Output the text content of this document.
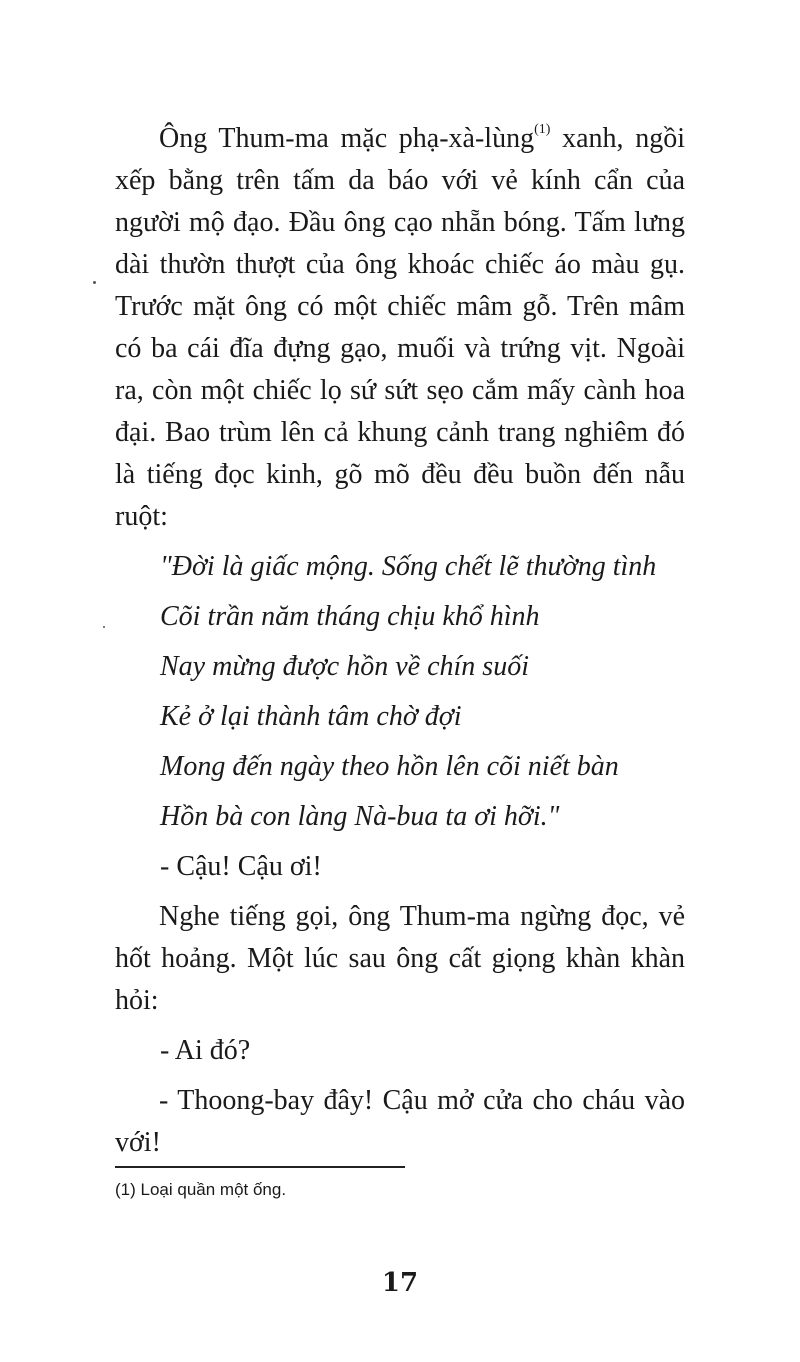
Ông Thum-ma mặc phạ-xà-lùng$^{(1)}$ xanh, ngồi xếp bằng trên tấm da báo với vẻ kính cẩn của người mộ đạo. Đầu ông cạo nhẵn bóng. Tấm lưng dài thườn thượt của ông khoác chiếc áo màu gụ. Trước mặt ông có một chiếc mâm gỗ. Trên mâm có ba cái đĩa đựng gạo, muối và trứng vịt. Ngoài ra, còn một chiếc lọ sứ sứt sẹo cắm mấy cành hoa đại. Bao trùm lên cả khung cảnh trang nghiêm đó là tiếng đọc kinh, gõ mõ đều đều buồn đến nẫu ruột:

"Đời là giấc mộng. Sống chết lẽ thường tình

Cõi trần năm tháng chịu khổ hình

Nay mừng được hồn về chín suối

Kẻ ở lại thành tâm chờ đợi

Mong đến ngày theo hồn lên cõi niết bàn

Hồn bà con làng Nà-bua ta ơi hỡi."

- Cậu! Cậu ơi!

Nghe tiếng gọi, ông Thum-ma ngừng đọc, vẻ hốt hoảng. Một lúc sau ông cất giọng khàn khàn hỏi:

- Ai đó?

- Thoong-bay đây! Cậu mở cửa cho cháu vào với!

(1) Loại quần một ống.
17
